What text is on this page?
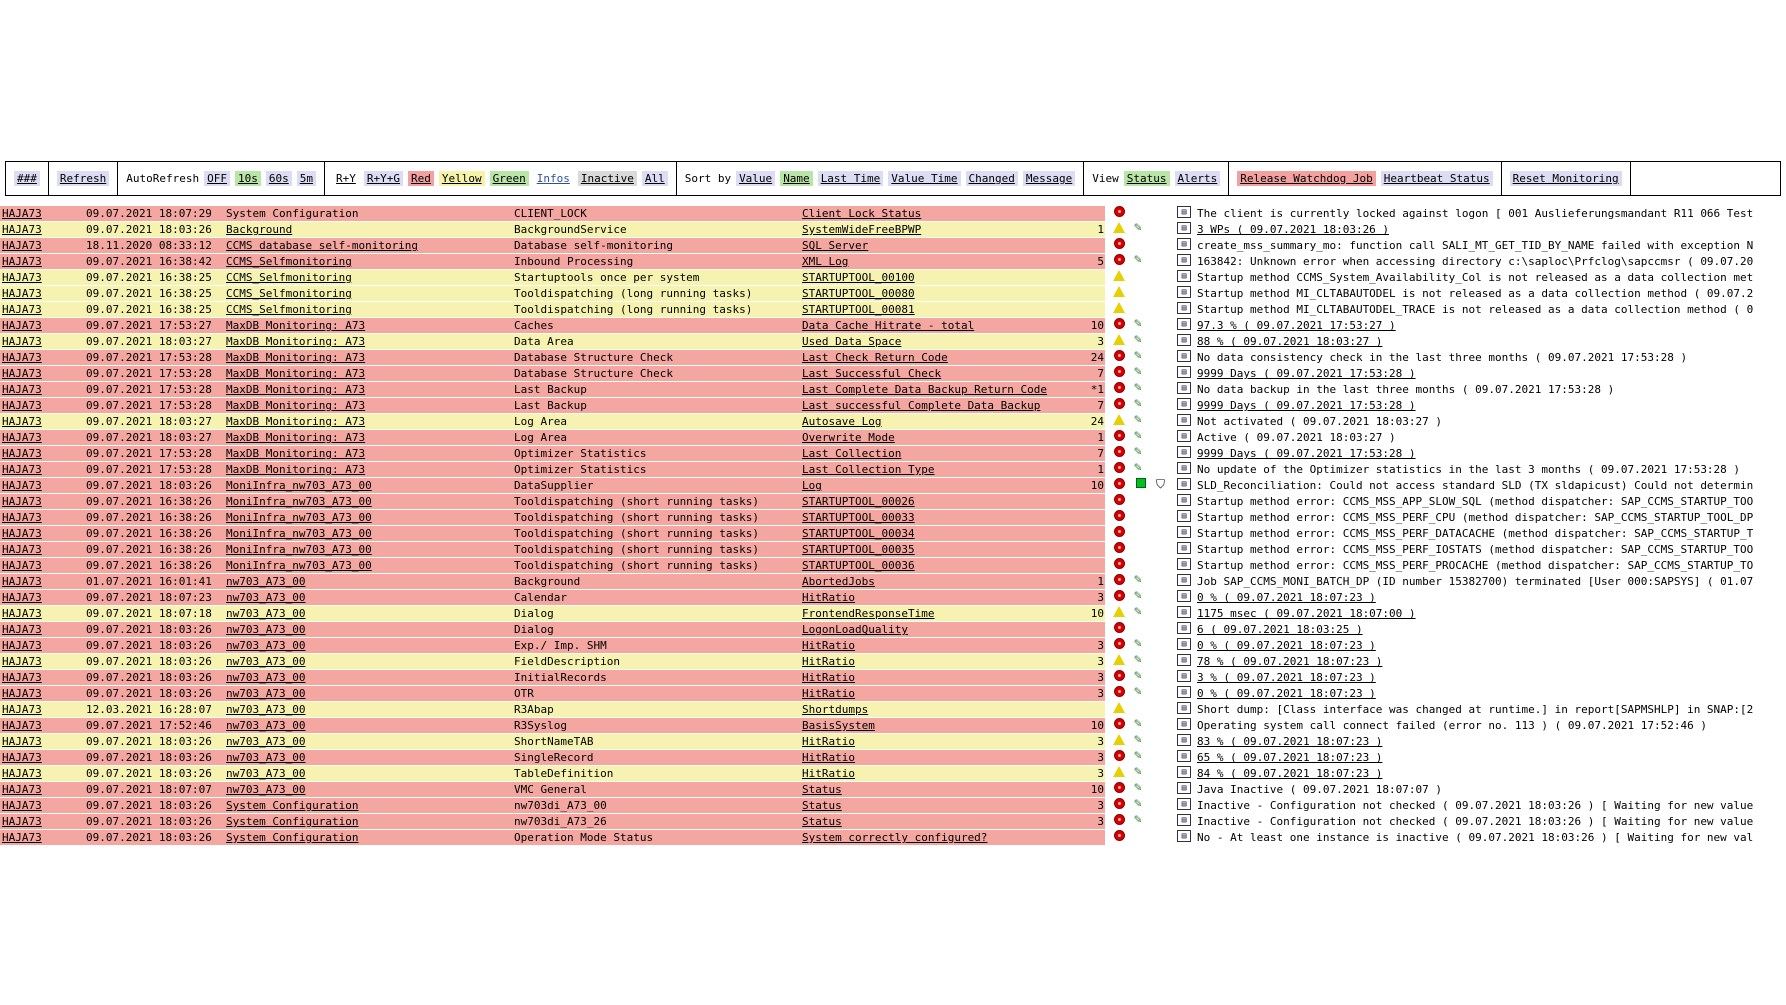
### Refresh AutoRefresh OFF 10s 60s 5m R+Y R+Y+G Red Yellow Green Infos Inactive All Sort by Value Name Last Time Value Time Changed Message View Status Alerts Release Watchdog Job Heartbeat Status Reset Monitoring
HAJA73	09.07.2021 18:07:29 System Configuration	CLIENT_LOCK	Client Lock Status	▤ The client is currently locked against logon [ 001 Auslieferungsmandant R11 066 Test
HAJA73	09.07.2021 18:03:26 Background	BackgroundService	SystemWideFreeBPWP	1 ✎	▤ 3 WPs ( 09.07.2021 18:03:26 )
HAJA73	18.11.2020 08:33:12 CCMS database self-monitoring	Database self-monitoring	SQL Server	▤ create_mss_summary_mo: function call SALI_MT_GET_TID_BY_NAME failed with exception N
HAJA73	09.07.2021 16:38:42 CCMS_Selfmonitoring	Inbound Processing	XML Log	5 ✎	▤ 163842: Unknown error when accessing directory c:\saploc\Prfclog\sapccmsr ( 09.07.20
HAJA73	09.07.2021 16:38:25 CCMS_Selfmonitoring	Startuptools once per system	STARTUPTOOL_00100	▤ Startup method CCMS_System_Availability_Col is not released as a data collection met
HAJA73	09.07.2021 16:38:25 CCMS_Selfmonitoring	Tooldispatching (long running tasks)	STARTUPTOOL_00080	▤ Startup method MI_CLTABAUTODEL is not released as a data collection method ( 09.07.2
HAJA73	09.07.2021 16:38:25 CCMS_Selfmonitoring	Tooldispatching (long running tasks)	STARTUPTOOL_00081	▤ Startup method MI_CLTABAUTODEL_TRACE is not released as a data collection method ( 0
HAJA73	09.07.2021 17:53:27 MaxDB Monitoring: A73	Caches	Data Cache Hitrate - total	10 ✎	▤ 97.3 % ( 09.07.2021 17:53:27 )
HAJA73	09.07.2021 18:03:27 MaxDB Monitoring: A73	Data Area	Used Data Space	3 ✎	▤ 88 % ( 09.07.2021 18:03:27 )
HAJA73	09.07.2021 17:53:28 MaxDB Monitoring: A73	Database Structure Check	Last Check Return Code	24 ✎	▤ No data consistency check in the last three months ( 09.07.2021 17:53:28 )
HAJA73	09.07.2021 17:53:28 MaxDB Monitoring: A73	Database Structure Check	Last Successful Check	7 ✎	▤ 9999 Days ( 09.07.2021 17:53:28 )
HAJA73	09.07.2021 17:53:28 MaxDB Monitoring: A73	Last Backup	Last Complete Data Backup Return Code	*1 ✎	▤ No data backup in the last three months ( 09.07.2021 17:53:28 )
HAJA73	09.07.2021 17:53:28 MaxDB Monitoring: A73	Last Backup	Last successful Complete Data Backup	7 ✎	▤ 9999 Days ( 09.07.2021 17:53:28 )
HAJA73	09.07.2021 18:03:27 MaxDB Monitoring: A73	Log Area	Autosave Log	24 ✎	▤ Not activated ( 09.07.2021 18:03:27 )
HAJA73	09.07.2021 18:03:27 MaxDB Monitoring: A73	Log Area	Overwrite Mode	1 ✎	▤ Active ( 09.07.2021 18:03:27 )
HAJA73	09.07.2021 17:53:28 MaxDB Monitoring: A73	Optimizer Statistics	Last Collection	7 ✎	▤ 9999 Days ( 09.07.2021 17:53:28 )
HAJA73	09.07.2021 17:53:28 MaxDB Monitoring: A73	Optimizer Statistics	Last Collection Type	1 ✎	▤ No update of the Optimizer statistics in the last 3 months ( 09.07.2021 17:53:28 )
HAJA73	09.07.2021 18:03:26 MoniInfra_nw703_A73_00	DataSupplier	Log	10	⛉	▤ SLD_Reconciliation: Could not access standard SLD (TX sldapicust) Could not determin
HAJA73	09.07.2021 16:38:26 MoniInfra_nw703_A73_00	Tooldispatching (short running tasks)	STARTUPTOOL_00026	▤ Startup method error: CCMS_MSS_APP_SLOW_SQL (method dispatcher: SAP_CCMS_STARTUP_TOO
HAJA73	09.07.2021 16:38:26 MoniInfra_nw703_A73_00	Tooldispatching (short running tasks)	STARTUPTOOL_00033	▤ Startup method error: CCMS_MSS_PERF_CPU (method dispatcher: SAP_CCMS_STARTUP_TOOL_DP
HAJA73	09.07.2021 16:38:26 MoniInfra_nw703_A73_00	Tooldispatching (short running tasks)	STARTUPTOOL_00034	▤ Startup method error: CCMS_MSS_PERF_DATACACHE (method dispatcher: SAP_CCMS_STARTUP_T
HAJA73	09.07.2021 16:38:26 MoniInfra_nw703_A73_00	Tooldispatching (short running tasks)	STARTUPTOOL_00035	▤ Startup method error: CCMS_MSS_PERF_IOSTATS (method dispatcher: SAP_CCMS_STARTUP_TOO
HAJA73	09.07.2021 16:38:26 MoniInfra_nw703_A73_00	Tooldispatching (short running tasks)	STARTUPTOOL_00036	▤ Startup method error: CCMS_MSS_PERF_PROCACHE (method dispatcher: SAP_CCMS_STARTUP_TO
HAJA73	01.07.2021 16:01:41 nw703_A73_00	Background	AbortedJobs	1 ✎	▤ Job SAP_CCMS_MONI_BATCH_DP (ID number 15382700) terminated [User 000:SAPSYS] ( 01.07
HAJA73	09.07.2021 18:07:23 nw703_A73_00	Calendar	HitRatio	3 ✎	▤ 0 % ( 09.07.2021 18:07:23 )
HAJA73	09.07.2021 18:07:18 nw703_A73_00	Dialog	FrontendResponseTime	10 ✎	▤ 1175 msec ( 09.07.2021 18:07:00 )
HAJA73	09.07.2021 18:03:26 nw703_A73_00	Dialog	LogonLoadQuality	▤ 6 ( 09.07.2021 18:03:25 )
HAJA73	09.07.2021 18:03:26 nw703_A73_00	Exp./ Imp. SHM	HitRatio	3 ✎	▤ 0 % ( 09.07.2021 18:07:23 )
HAJA73	09.07.2021 18:03:26 nw703_A73_00	FieldDescription	HitRatio	3 ✎	▤ 78 % ( 09.07.2021 18:07:23 )
HAJA73	09.07.2021 18:03:26 nw703_A73_00	InitialRecords	HitRatio	3 ✎	▤ 3 % ( 09.07.2021 18:07:23 )
HAJA73	09.07.2021 18:03:26 nw703_A73_00	OTR	HitRatio	3 ✎	▤ 0 % ( 09.07.2021 18:07:23 )
HAJA73	12.03.2021 16:28:07 nw703_A73_00	R3Abap	Shortdumps	▤ Short dump: [Class interface was changed at runtime.] in report[SAPMSHLP] in SNAP:[2
HAJA73	09.07.2021 17:52:46 nw703_A73_00	R3Syslog	BasisSystem	10 ✎	▤ Operating system call connect failed (error no. 113 ) ( 09.07.2021 17:52:46 )
HAJA73	09.07.2021 18:03:26 nw703_A73_00	ShortNameTAB	HitRatio	3 ✎	▤ 83 % ( 09.07.2021 18:07:23 )
HAJA73	09.07.2021 18:03:26 nw703_A73_00	SingleRecord	HitRatio	3 ✎	▤ 65 % ( 09.07.2021 18:07:23 )
HAJA73	09.07.2021 18:03:26 nw703_A73_00	TableDefinition	HitRatio	3 ✎	▤ 84 % ( 09.07.2021 18:07:23 )
HAJA73	09.07.2021 18:07:07 nw703_A73_00	VMC General	Status	10 ✎	▤ Java Inactive ( 09.07.2021 18:07:07 )
HAJA73	09.07.2021 18:03:26 System Configuration	nw703di_A73_00	Status	3 ✎	▤ Inactive - Configuration not checked ( 09.07.2021 18:03:26 ) [ Waiting for new value
HAJA73	09.07.2021 18:03:26 System Configuration	nw703di_A73_26	Status	3 ✎	▤ Inactive - Configuration not checked ( 09.07.2021 18:03:26 ) [ Waiting for new value
HAJA73	09.07.2021 18:03:26 System Configuration	Operation Mode Status	System correctly configured?	▤ No - At least one instance is inactive ( 09.07.2021 18:03:26 ) [ Waiting for new val
